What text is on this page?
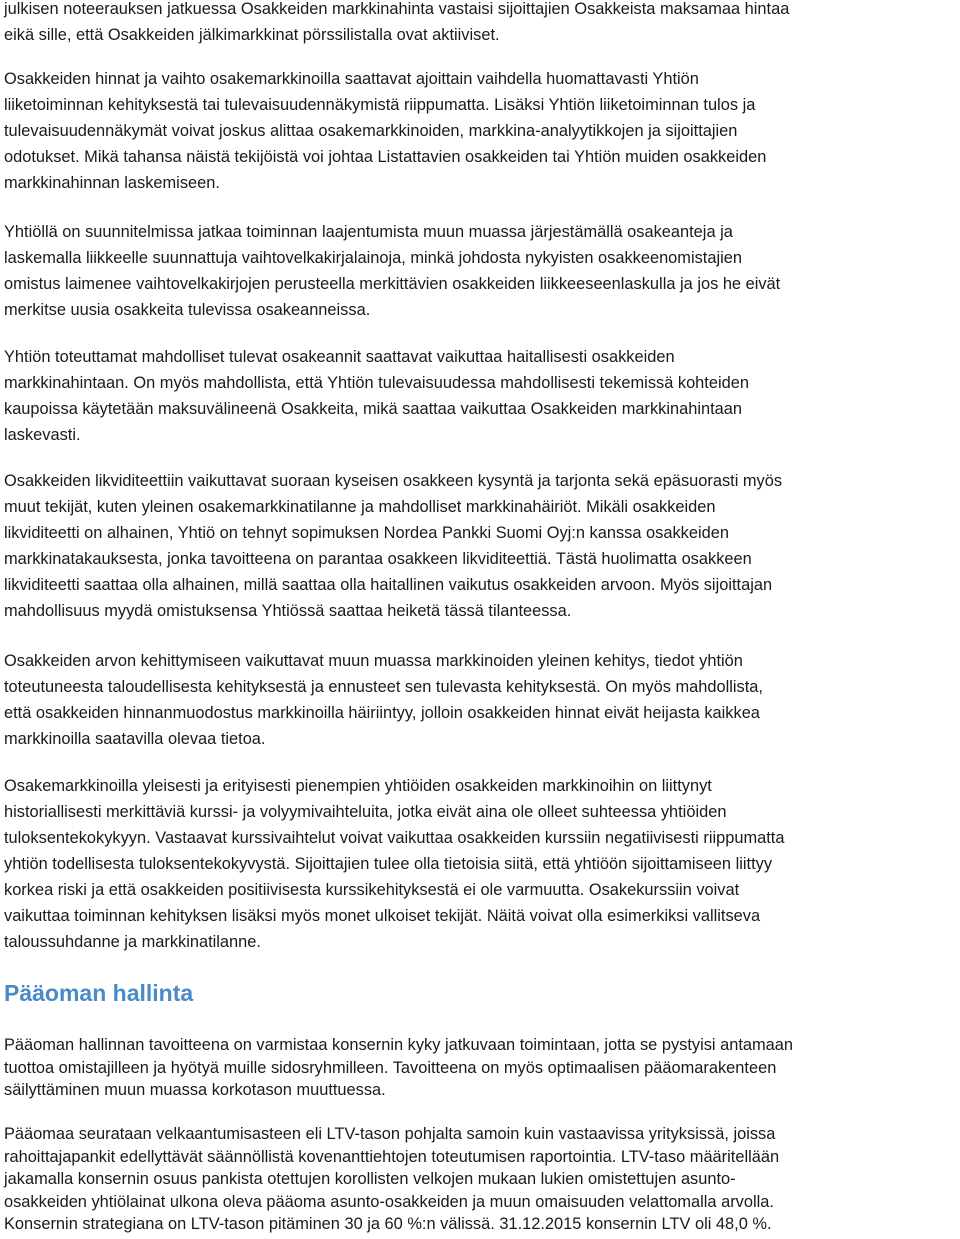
julkisen noteerauksen jatkuessa Osakkeiden markkinahinta vastaisi sijoittajien Osakkeista maksamaa hintaa
eikä sille, että Osakkeiden jälkimarkkinat pörssilistalla ovat aktiiviset.
Osakkeiden hinnat ja vaihto osakemarkkinoilla saattavat ajoittain vaihdella huomattavasti Yhtiön
liiketoiminnan kehityksestä tai tulevaisuudennäkymistä riippumatta. Lisäksi Yhtiön liiketoiminnan tulos ja
tulevaisuudennäkymät voivat joskus alittaa osakemarkkinoiden, markkina-analyytikkojen ja sijoittajien
odotukset. Mikä tahansa näistä tekijöistä voi johtaa Listattavien osakkeiden tai Yhtiön muiden osakkeiden
markkinahinnan laskemiseen.
Yhtiöllä on suunnitelmissa jatkaa toiminnan laajentumista muun muassa järjestämällä osakeanteja ja
laskemalla liikkeelle suunnattuja vaihtovelkakirjalainoja, minkä johdosta nykyisten osakkeenomistajien
omistus laimenee vaihtovelkakirjojen perusteella merkittävien osakkeiden liikkeeseenlaskulla ja jos he eivät
merkitse uusia osakkeita tulevissa osakeanneissa.
Yhtiön toteuttamat mahdolliset tulevat osakeannit saattavat vaikuttaa haitallisesti osakkeiden
markkinahintaan. On myös mahdollista, että Yhtiön tulevaisuudessa mahdollisesti tekemissä kohteiden
kaupoissa käytetään maksuvälineenä Osakkeita, mikä saattaa vaikuttaa Osakkeiden markkinahintaan
laskevasti.
Osakkeiden likviditeettiin vaikuttavat suoraan kyseisen osakkeen kysyntä ja tarjonta sekä epäsuorasti myös
muut tekijät, kuten yleinen osakemarkkinatilanne ja mahdolliset markkinahäiriöt. Mikäli osakkeiden
likviditeetti on alhainen, Yhtiö on tehnyt sopimuksen Nordea Pankki Suomi Oyj:n kanssa osakkeiden
markkinatakauksesta, jonka tavoitteena on parantaa osakkeen likviditeettiä. Tästä huolimatta osakkeen
likviditeetti saattaa olla alhainen, millä saattaa olla haitallinen vaikutus osakkeiden arvoon. Myös sijoittajan
mahdollisuus myydä omistuksensa Yhtiössä saattaa heiketä tässä tilanteessa.
Osakkeiden arvon kehittymiseen vaikuttavat muun muassa markkinoiden yleinen kehitys, tiedot yhtiön
toteutuneesta taloudellisesta kehityksestä ja ennusteet sen tulevasta kehityksestä. On myös mahdollista,
että osakkeiden hinnanmuodostus markkinoilla häiriintyy, jolloin osakkeiden hinnat eivät heijasta kaikkea
markkinoilla saatavilla olevaa tietoa.
Osakemarkkinoilla yleisesti ja erityisesti pienempien yhtiöiden osakkeiden markkinoihin on liittynyt
historiallisesti merkittäviä kurssi- ja volyymivaihteluita, jotka eivät aina ole olleet suhteessa yhtiöiden
tuloksentekokykyyn. Vastaavat kurssivaihtelut voivat vaikuttaa osakkeiden kurssiin negatiivisesti riippumatta
yhtiön todellisesta tuloksentekokyvystä. Sijoittajien tulee olla tietoisia siitä, että yhtiöön sijoittamiseen liittyy
korkea riski ja että osakkeiden positiivisesta kurssikehityksestä ei ole varmuutta. Osakekurssiin voivat
vaikuttaa toiminnan kehityksen lisäksi myös monet ulkoiset tekijät. Näitä voivat olla esimerkiksi vallitseva
taloussuhdanne ja markkinatilanne.
Pääoman hallinta
Pääoman hallinnan tavoitteena on varmistaa konsernin kyky jatkuvaan toimintaan, jotta se pystyisi antamaan
tuottoa omistajilleen ja hyötyä muille sidosryhmilleen. Tavoitteena on myös optimaalisen pääomarakenteen
säilyttäminen muun muassa korkotason muuttuessa.
Pääomaa seurataan velkaantumisasteen eli LTV-tason pohjalta samoin kuin vastaavissa yrityksissä, joissa
rahoittajapankit edellyttävät säännöllistä kovenanttiehtojen toteutumisen raportointia. LTV-taso määritellään
jakamalla konsernin osuus pankista otettujen korollisten velkojen mukaan lukien omistettujen asunto-
osakkeiden yhtiölainat ulkona oleva pääoma asunto-osakkeiden ja muun omaisuuden velattomalla arvolla.
Konsernin strategiana on LTV-tason pitäminen 30 ja 60 %:n välissä. 31.12.2015 konsernin LTV oli 48,0 %.
